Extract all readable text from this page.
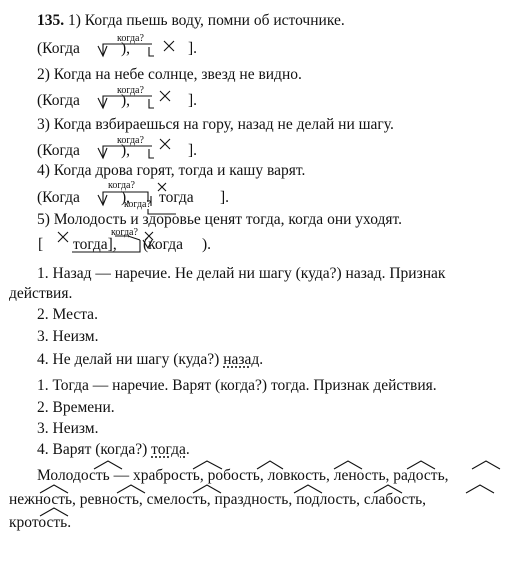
135. 1) Когда пьешь воду, помни об источнике.
(Когда	),	].
когда?
2) Когда на небе солнце, звезд не видно.
(Когда	),	].
когда?
3) Когда взбираешься на гору, назад не делай ни шагу.
(Когда	),	].
когда?
4) Когда дрова горят, тогда и кашу варят.
(Когда	), тогда ].
когда?
когда?
5) Молодость и здоровье ценят тогда, когда они уходят.
[ тогда], (когда ).
когда?
1. Назад — наречие. Не делай ни шагу (куда?) назад. Признак
действия.
2. Места.
3. Неизм.
4. Не делай ни шагу (куда?) назад.
1. Тогда — наречие. Варят (когда?) тогда. Признак действия.
2. Времени.
3. Неизм.
4. Варят (когда?) тогда.
Молодость — храбрость, робость, ловкость, леность, радость,
нежность, ревность, смелость, праздность, подлость, слабость,
кротость.
